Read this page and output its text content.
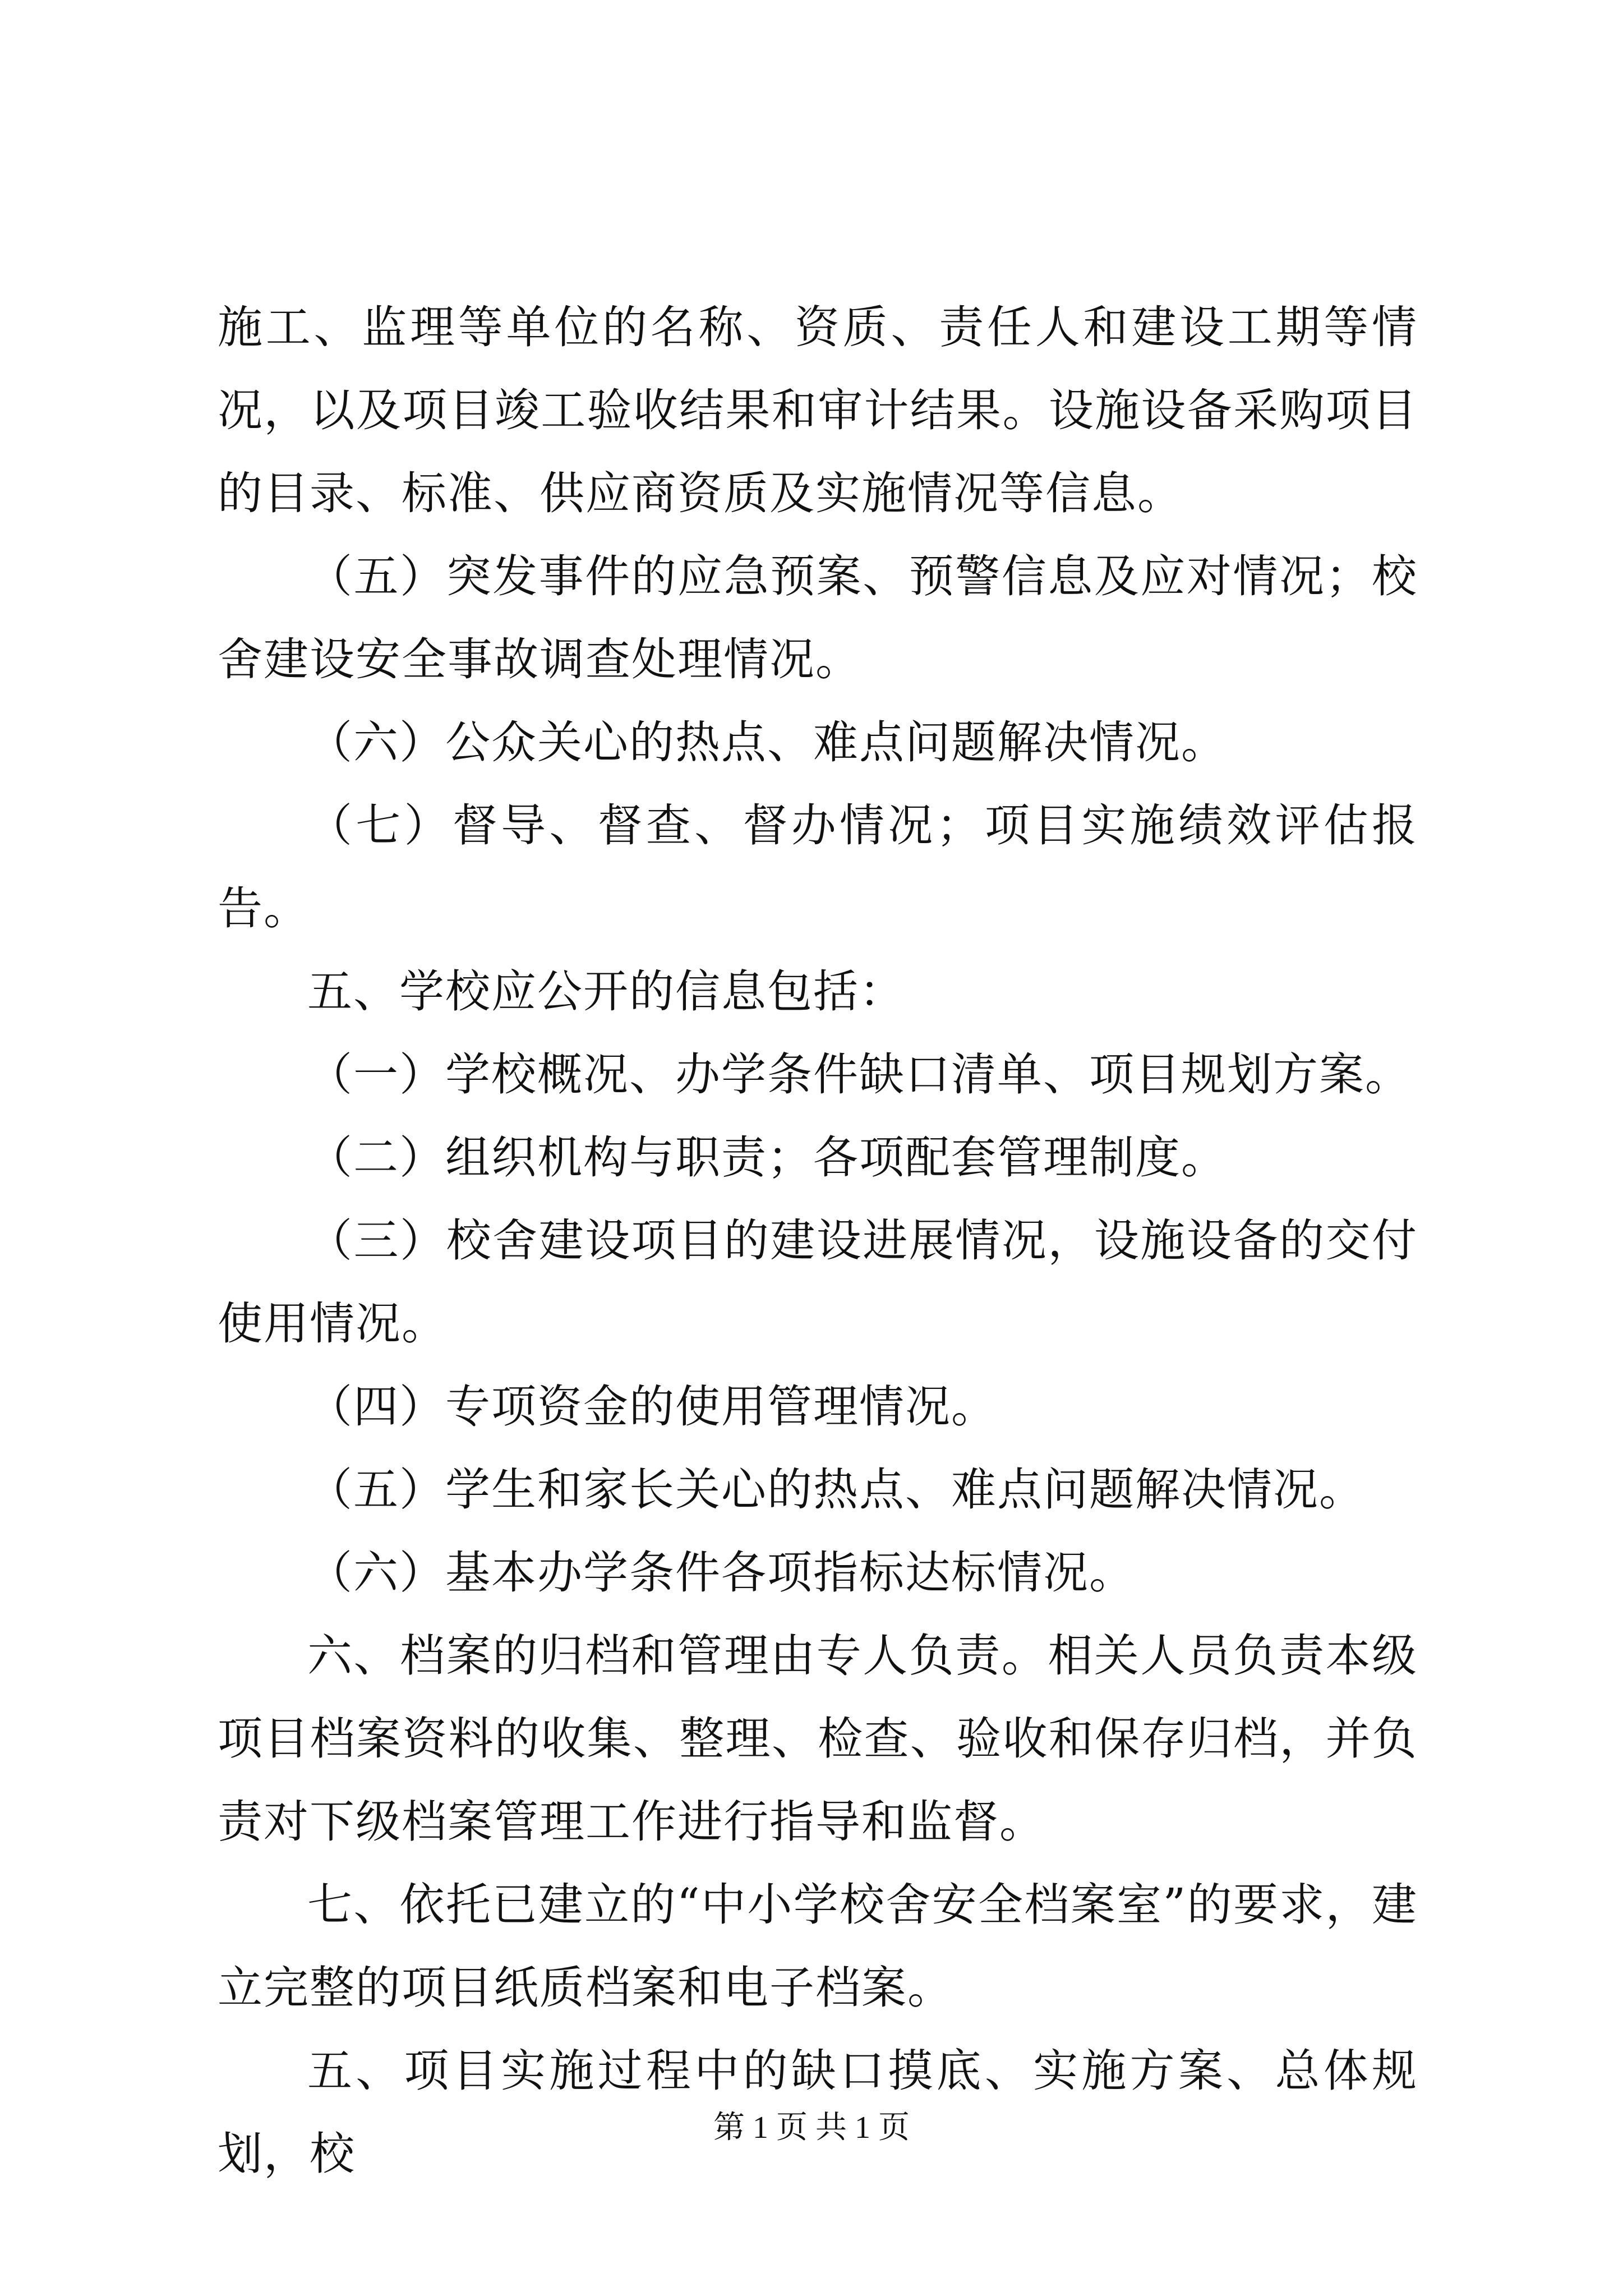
施工、监理等单位的名称、资质、责任人和建设工期等情况，以及项目竣工验收结果和审计结果。设施设备采购项目的目录、标准、供应商资质及实施情况等信息。

（五）突发事件的应急预案、预警信息及应对情况；校舍建设安全事故调查处理情况。

（六）公众关心的热点、难点问题解决情况。

（七）督导、督查、督办情况；项目实施绩效评估报告。

五、学校应公开的信息包括：

（一）学校概况、办学条件缺口清单、项目规划方案。

（二）组织机构与职责；各项配套管理制度。

（三）校舍建设项目的建设进展情况，设施设备的交付使用情况。

（四）专项资金的使用管理情况。

（五）学生和家长关心的热点、难点问题解决情况。

（六）基本办学条件各项指标达标情况。

六、档案的归档和管理由专人负责。相关人员负责本级项目档案资料的收集、整理、检查、验收和保存归档，并负责对下级档案管理工作进行指导和监督。

七、依托已建立的“中小学校舍安全档案室”的要求，建立完整的项目纸质档案和电子档案。

五、项目实施过程中的缺口摸底、实施方案、总体规划，校	第 1 页 共 1 页
